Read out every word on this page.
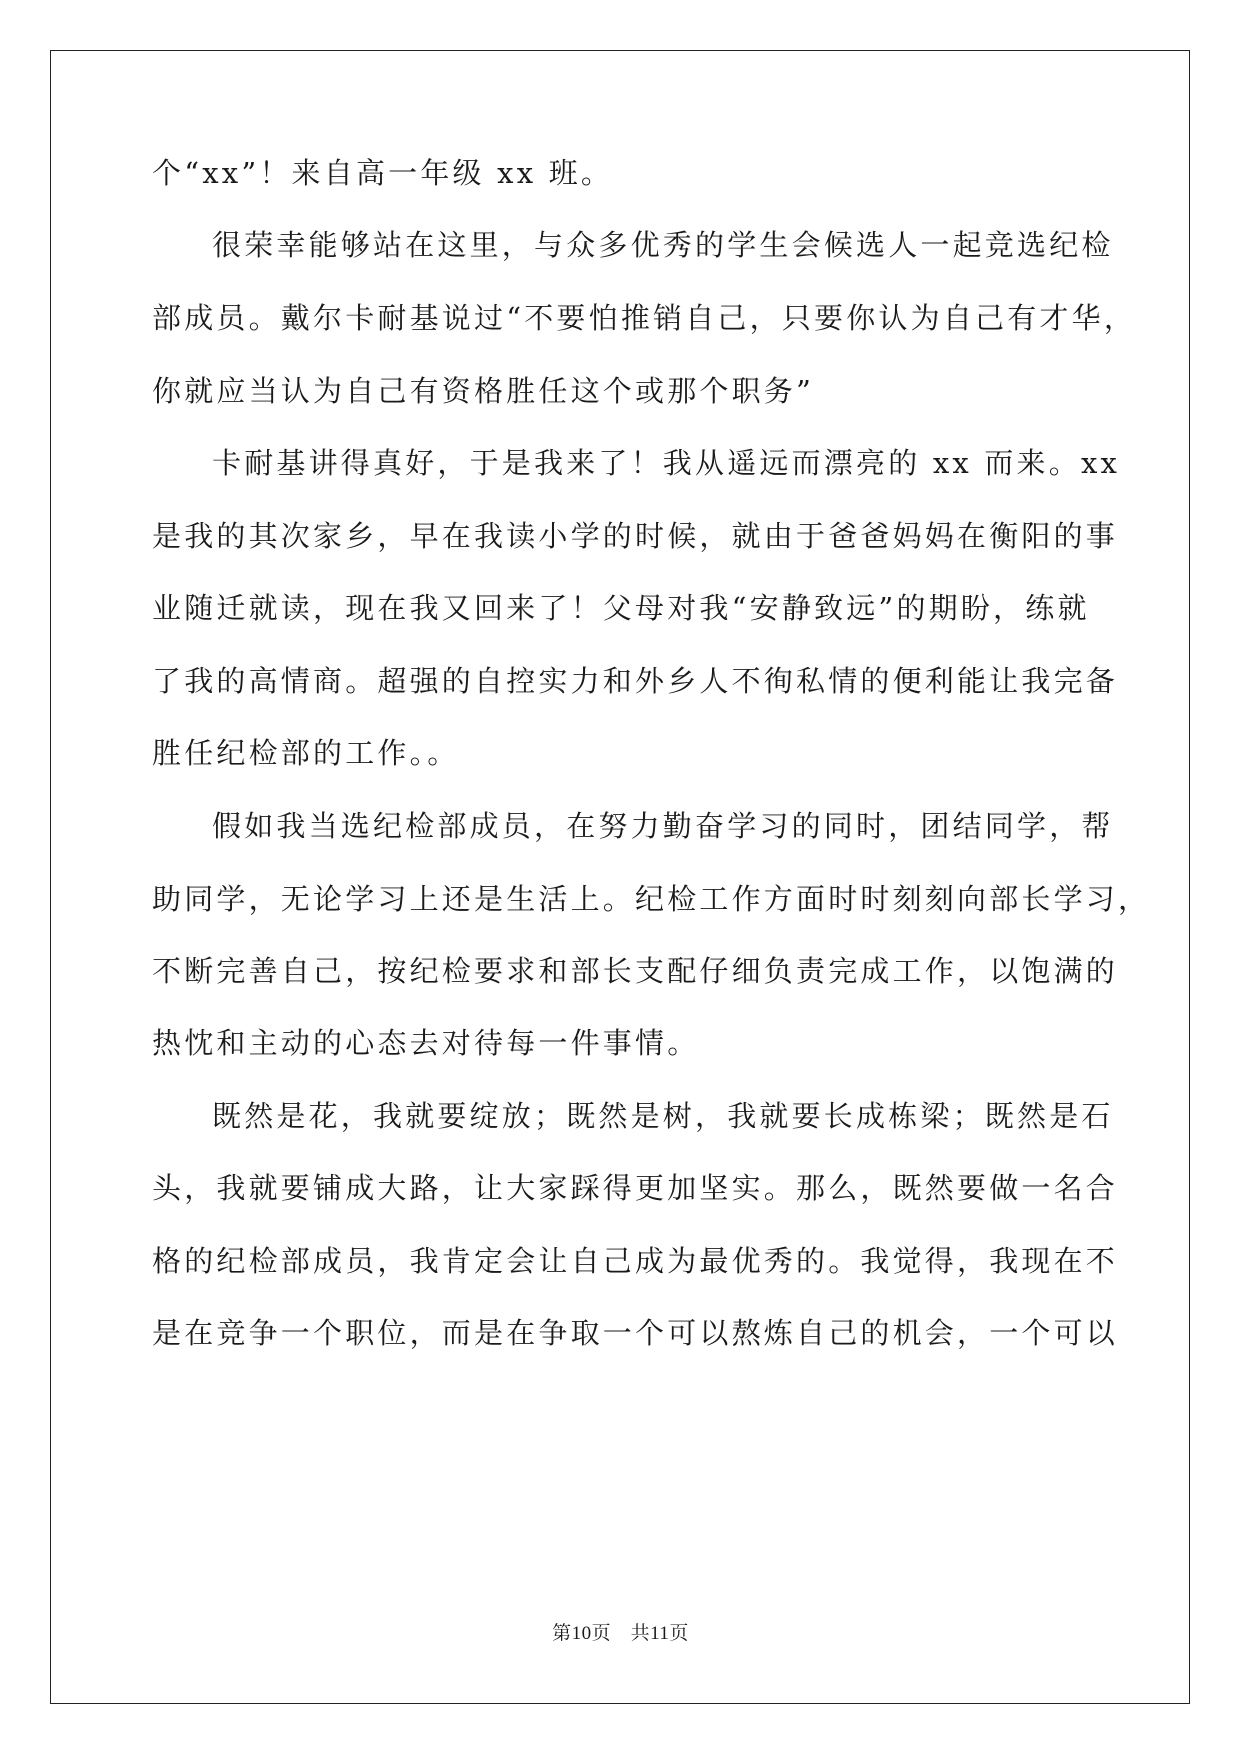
个“xx”！来自高一年级 xx 班。
很荣幸能够站在这里，与众多优秀的学生会候选人一起竞选纪检
部成员。戴尔卡耐基说过“不要怕推销自己，只要你认为自己有才华，
你就应当认为自己有资格胜任这个或那个职务”
卡耐基讲得真好，于是我来了！我从遥远而漂亮的 xx 而来。xx
是我的其次家乡，早在我读小学的时候，就由于爸爸妈妈在衡阳的事
业随迁就读，现在我又回来了！父母对我“安静致远”的期盼，练就
了我的高情商。超强的自控实力和外乡人不徇私情的便利能让我完备
胜任纪检部的工作。。
假如我当选纪检部成员，在努力勤奋学习的同时，团结同学，帮
助同学，无论学习上还是生活上。纪检工作方面时时刻刻向部长学习，
不断完善自己，按纪检要求和部长支配仔细负责完成工作，以饱满的
热忱和主动的心态去对待每一件事情。
既然是花，我就要绽放；既然是树，我就要长成栋梁；既然是石
头，我就要铺成大路，让大家踩得更加坚实。那么，既然要做一名合
格的纪检部成员，我肯定会让自己成为最优秀的。我觉得，我现在不
是在竞争一个职位，而是在争取一个可以熬炼自己的机会，一个可以
第10页　共11页
